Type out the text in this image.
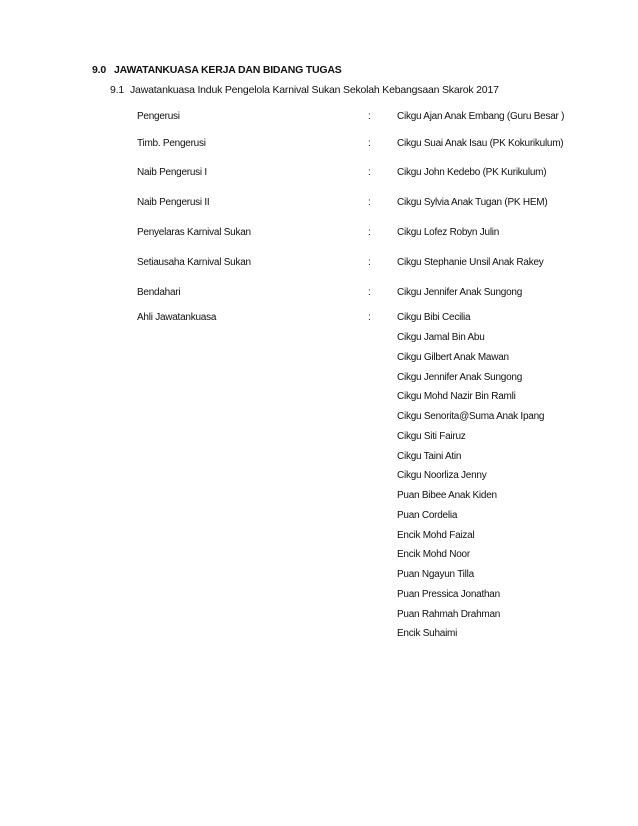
9.0 JAWATANKUASA KERJA DAN BIDANG TUGAS
9.1 Jawatankuasa Induk Pengelola Karnival Sukan Sekolah Kebangsaan Skarok 2017
Pengerusi	:	Cikgu Ajan Anak Embang (Guru Besar )
Timb. Pengerusi	:	Cikgu Suai Anak Isau (PK Kokurikulum)
Naib Pengerusi I	:	Cikgu John Kedebo (PK Kurikulum)
Naib Pengerusi II	:	Cikgu Sylvia Anak Tugan (PK HEM)
Penyelaras Karnival Sukan	:	Cikgu Lofez Robyn Julin
Setiausaha Karnival Sukan	:	Cikgu Stephanie Unsil Anak Rakey
Bendahari	:	Cikgu Jennifer Anak Sungong
Ahli Jawatankuasa	:	Cikgu Bibi Cecilia
Cikgu Jamal Bin Abu
Cikgu Gilbert Anak Mawan
Cikgu Jennifer Anak Sungong
Cikgu Mohd Nazir Bin Ramli
Cikgu Senorita@Suma Anak Ipang
Cikgu Siti Fairuz
Cikgu Taini Atin
Cikgu Noorliza Jenny
Puan Bibee Anak Kiden
Puan Cordelia
Encik Mohd Faizal
Encik Mohd Noor
Puan Ngayun Tilla
Puan Pressica Jonathan
Puan Rahmah Drahman
Encik Suhaimi
